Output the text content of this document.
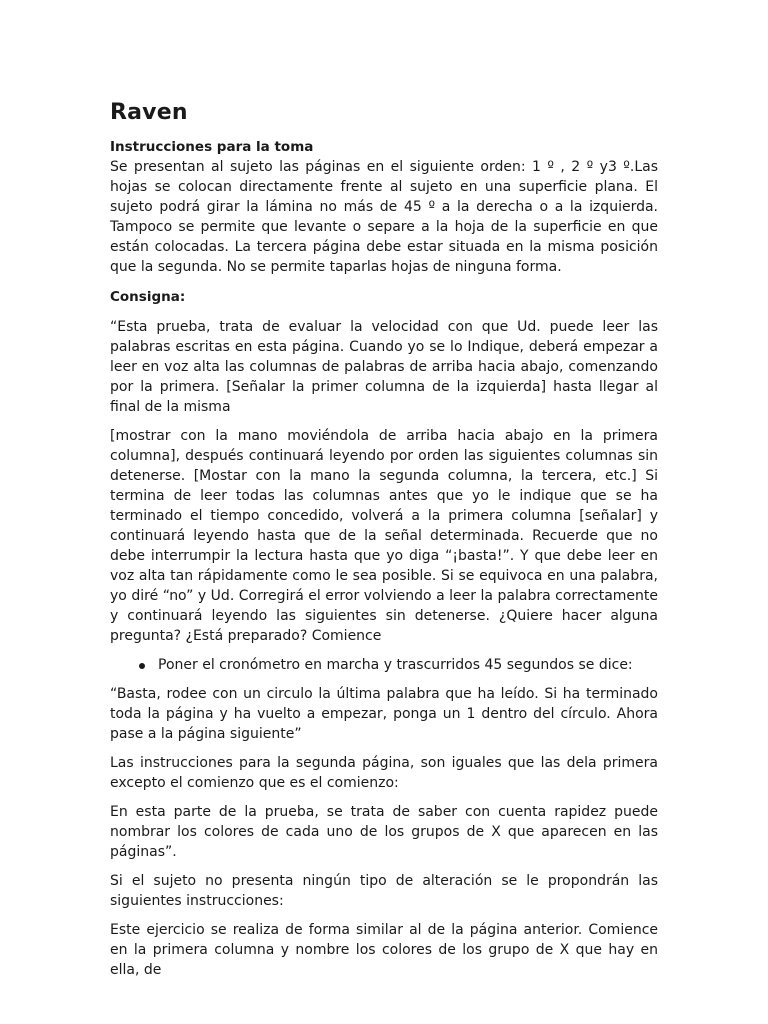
Raven
Instrucciones para la toma

Se presentan al sujeto las páginas en el siguiente orden: 1 º , 2 º y3 º.Las hojas se colocan directamente frente al sujeto en una superficie plana. El sujeto podrá girar la lámina no más de 45 º a la derecha o a la izquierda. Tampoco se permite que levante o separe a la hoja de la superficie en que están colocadas. La tercera página debe estar situada en la misma posición que la segunda. No se permite taparlas hojas de ninguna forma.

Consigna:

“Esta prueba, trata de evaluar la velocidad con que Ud. puede leer las palabras escritas en esta página. Cuando yo se lo Indique, deberá empezar a leer en voz alta las columnas de palabras de arriba hacia abajo, comenzando por la primera. [Señalar la primer columna de la izquierda] hasta llegar al final de la misma

[mostrar con la mano moviéndola de arriba hacia abajo en la primera columna], después continuará leyendo por orden las siguientes columnas sin detenerse. [Mostar con la mano la segunda columna, la tercera, etc.] Si termina de leer todas las columnas antes que yo le indique que se ha terminado el tiempo concedido, volverá a la primera columna [señalar] y continuará leyendo hasta que de la señal determinada. Recuerde que no debe interrumpir la lectura hasta que yo diga “¡basta!”. Y que debe leer en voz alta tan rápidamente como le sea posible. Si se equivoca en una palabra, yo diré “no” y Ud. Corregirá el error volviendo a leer la palabra correctamente y continuará leyendo las siguientes sin detenerse. ¿Quiere hacer alguna pregunta? ¿Está preparado? Comience

Poner el cronómetro en marcha y trascurridos 45 segundos se dice:

“Basta, rodee con un circulo la última palabra que ha leído. Si ha terminado toda la página y ha vuelto a empezar, ponga un 1 dentro del círculo. Ahora pase a la página siguiente”

Las instrucciones para la segunda página, son iguales que las dela primera excepto el comienzo que es el comienzo:

En esta parte de la prueba, se trata de saber con cuenta rapidez puede nombrar los colores de cada uno de los grupos de X que aparecen en las páginas”.

Si el sujeto no presenta ningún tipo de alteración se le propondrán las siguientes instrucciones:

Este ejercicio se realiza de forma similar al de la página anterior. Comience en la primera columna y nombre los colores de los grupo de X que hay en ella, de
